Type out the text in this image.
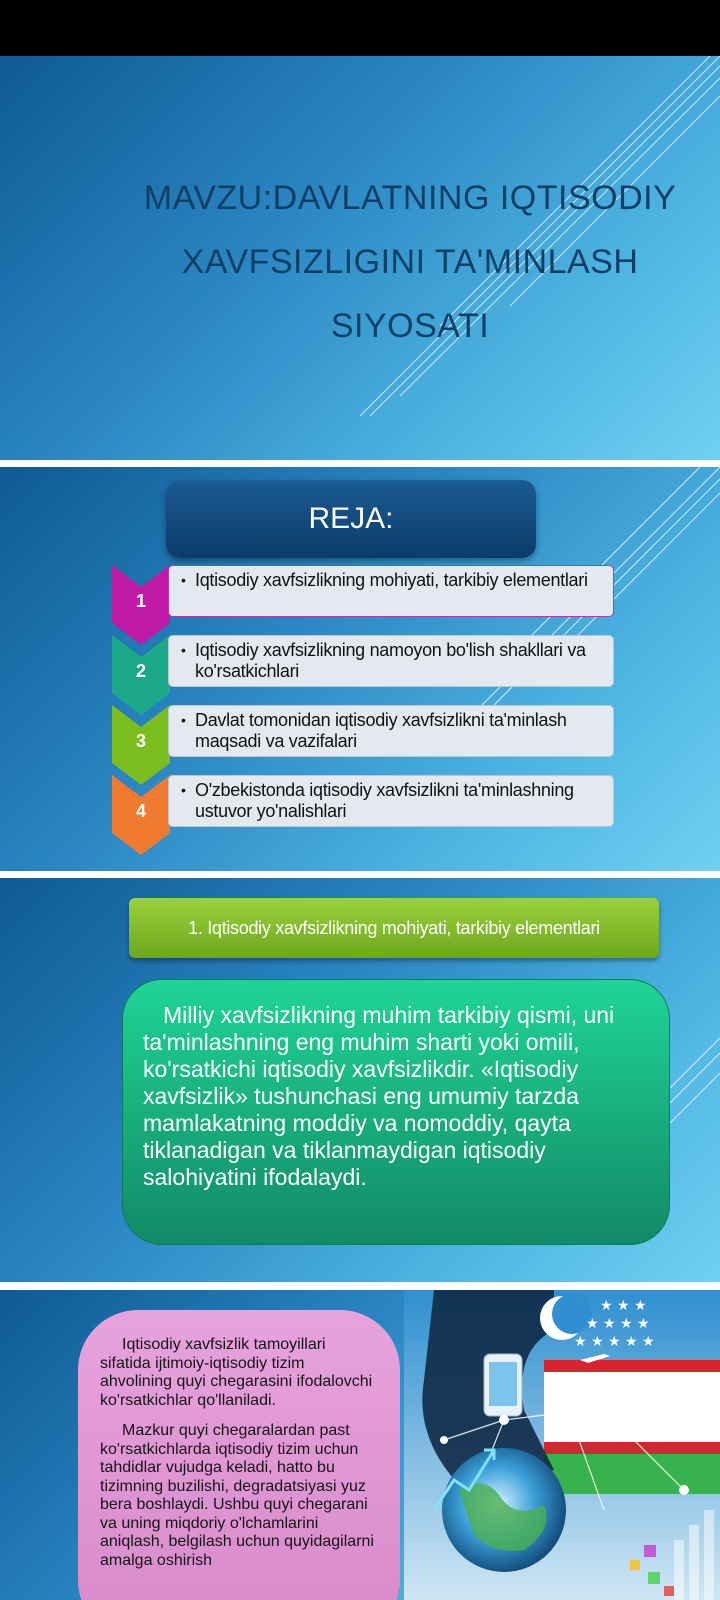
MAVZU:DAVLATNING IQTISODIY
XAVFSIZLIGINI TA'MINLASH
SIYOSATI
REJA:
1
• Iqtisodiy xavfsizlikning mohiyati, tarkibiy elementlari
2
• Iqtisodiy xavfsizlikning namoyon bo'lish shakllari va ko'rsatkichlari
3
• Davlat tomonidan iqtisodiy xavfsizlikni ta'minlash maqsadi va vazifalari
4
• O'zbekistonda iqtisodiy xavfsizlikni ta'minlashning ustuvor yo'nalishlari
1. Iqtisodiy xavfsizlikning mohiyati, tarkibiy elementlari
Milliy xavfsizlikning muhim tarkibiy qismi, uni ta'minlashning eng muhim sharti yoki omili, ko'rsatkichi iqtisodiy xavfsizlikdir. «Iqtisodiy xavfsizlik» tushunchasi eng umumiy tarzda mamlakatning moddiy va nomoddiy, qayta tiklanadigan va tiklanmaydigan iqtisodiy salohiyatini ifodalaydi.

Iqtisodiy xavfsizlik tamoyillari sifatida ijtimoiy-iqtisodiy tizim ahvolining quyi chegarasini ifodalovchi ko'rsatkichlar qo'llaniladi.

Mazkur quyi chegaralardan past ko'rsatkichlarda iqtisodiy tizim uchun tahdidlar vujudga keladi, hatto bu tizimning buzilishi, degradatsiyasi yuz bera boshlaydi. Ushbu quyi chegarani va uning miqdoriy o'lchamlarini aniqlash, belgilash uchun quyidagilarni amalga oshirish

★ ★ ★
★ ★ ★ ★
★ ★ ★ ★ ★
